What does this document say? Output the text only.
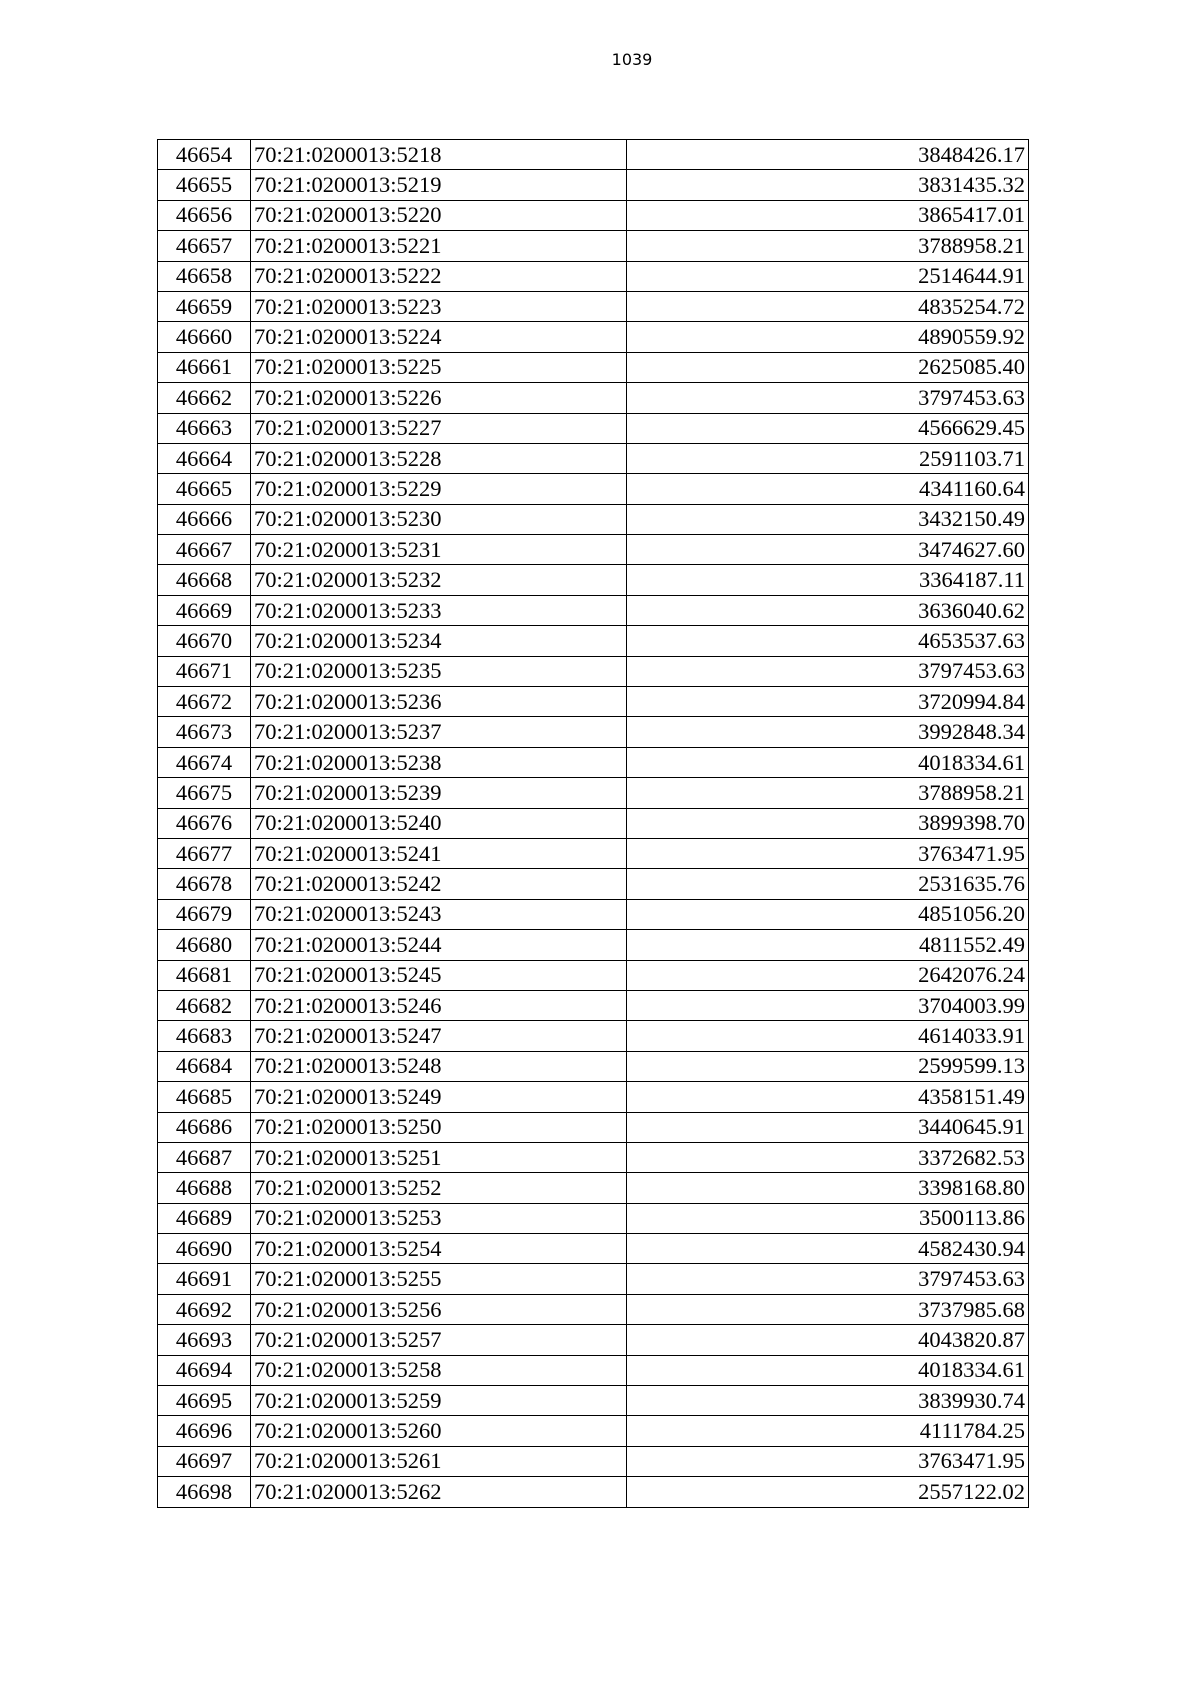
1039
46654	70:21:0200013:5218	3848426.17
46655	70:21:0200013:5219	3831435.32
46656	70:21:0200013:5220	3865417.01
46657	70:21:0200013:5221	3788958.21
46658	70:21:0200013:5222	2514644.91
46659	70:21:0200013:5223	4835254.72
46660	70:21:0200013:5224	4890559.92
46661	70:21:0200013:5225	2625085.40
46662	70:21:0200013:5226	3797453.63
46663	70:21:0200013:5227	4566629.45
46664	70:21:0200013:5228	2591103.71
46665	70:21:0200013:5229	4341160.64
46666	70:21:0200013:5230	3432150.49
46667	70:21:0200013:5231	3474627.60
46668	70:21:0200013:5232	3364187.11
46669	70:21:0200013:5233	3636040.62
46670	70:21:0200013:5234	4653537.63
46671	70:21:0200013:5235	3797453.63
46672	70:21:0200013:5236	3720994.84
46673	70:21:0200013:5237	3992848.34
46674	70:21:0200013:5238	4018334.61
46675	70:21:0200013:5239	3788958.21
46676	70:21:0200013:5240	3899398.70
46677	70:21:0200013:5241	3763471.95
46678	70:21:0200013:5242	2531635.76
46679	70:21:0200013:5243	4851056.20
46680	70:21:0200013:5244	4811552.49
46681	70:21:0200013:5245	2642076.24
46682	70:21:0200013:5246	3704003.99
46683	70:21:0200013:5247	4614033.91
46684	70:21:0200013:5248	2599599.13
46685	70:21:0200013:5249	4358151.49
46686	70:21:0200013:5250	3440645.91
46687	70:21:0200013:5251	3372682.53
46688	70:21:0200013:5252	3398168.80
46689	70:21:0200013:5253	3500113.86
46690	70:21:0200013:5254	4582430.94
46691	70:21:0200013:5255	3797453.63
46692	70:21:0200013:5256	3737985.68
46693	70:21:0200013:5257	4043820.87
46694	70:21:0200013:5258	4018334.61
46695	70:21:0200013:5259	3839930.74
46696	70:21:0200013:5260	4111784.25
46697	70:21:0200013:5261	3763471.95
46698	70:21:0200013:5262	2557122.02
